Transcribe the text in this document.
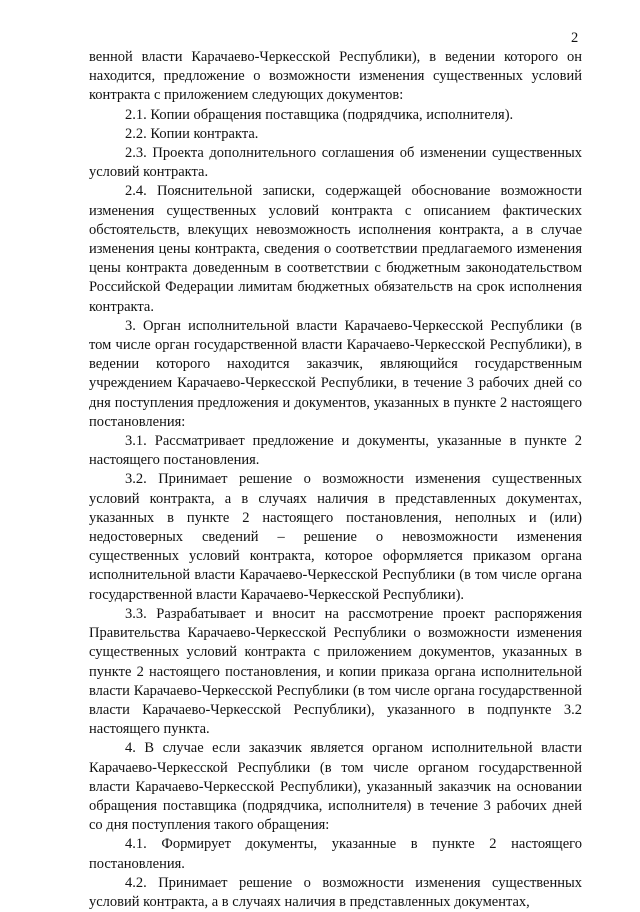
2

венной власти Карачаево-Черкесской Республики), в ведении которого он находится, предложение о возможности изменения существенных условий контракта с приложением следующих документов:

2.1. Копии обращения поставщика (подрядчика, исполнителя).

2.2. Копии контракта.

2.3. Проекта дополнительного соглашения об изменении существенных условий контракта.

2.4. Пояснительной записки, содержащей обоснование возможности изменения существенных условий контракта с описанием фактических обстоятельств, влекущих невозможность исполнения контракта, а в случае изменения цены контракта, сведения о соответствии предлагаемого изменения цены контракта доведенным в соответствии с бюджетным законодательством Российской Федерации лимитам бюджетных обязательств на срок исполнения контракта.

3. Орган исполнительной власти Карачаево-Черкесской Республики (в том числе орган государственной власти Карачаево-Черкесской Республики), в ведении которого находится заказчик, являющийся государственным учреждением Карачаево-Черкесской Республики, в течение 3 рабочих дней со дня поступления предложения и документов, указанных в пункте 2 настоящего постановления:

3.1. Рассматривает предложение и документы, указанные в пункте 2 настоящего постановления.

3.2. Принимает решение о возможности изменения существенных условий контракта, а в случаях наличия в представленных документах, указанных в пункте 2 настоящего постановления, неполных и (или) недостоверных сведений – решение о невозможности изменения существенных условий контракта, которое оформляется приказом органа исполнительной власти Карачаево-Черкесской Республики (в том числе органа государственной власти Карачаево-Черкесской Республики).

3.3. Разрабатывает и вносит на рассмотрение проект распоряжения Правительства Карачаево-Черкесской Республики о возможности изменения существенных условий контракта с приложением документов, указанных в пункте 2 настоящего постановления, и копии приказа органа исполнительной власти Карачаево-Черкесской Республики (в том числе органа государственной власти Карачаево-Черкесской Республики), указанного в подпункте 3.2 настоящего пункта.

4. В случае если заказчик является органом исполнительной власти Карачаево-Черкесской Республики (в том числе органом государственной власти Карачаево-Черкесской Республики), указанный заказчик на основании обращения поставщика (подрядчика, исполнителя) в течение 3 рабочих дней со дня поступления такого обращения:

4.1. Формирует документы, указанные в пункте 2 настоящего постановления.

4.2. Принимает решение о возможности изменения существенных условий контракта, а в случаях наличия в представленных документах,
